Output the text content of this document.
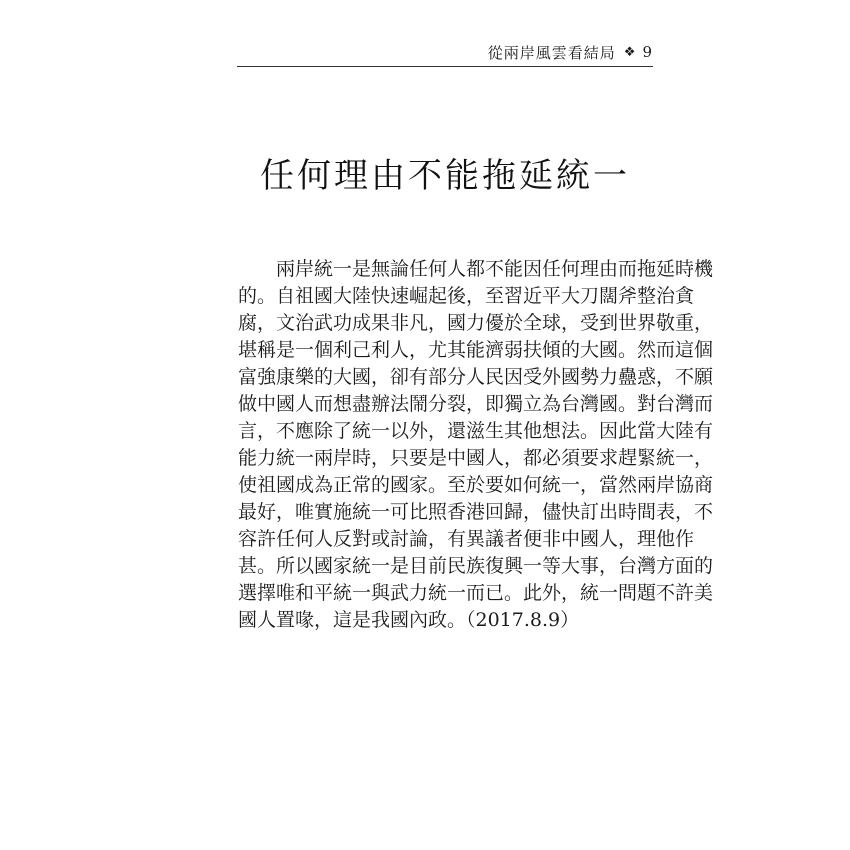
從兩岸風雲看結局 ❖ 9
任何理由不能拖延統一
兩岸統一是無論任何人都不能因任何理由而拖延時機
的。自祖國大陸快速崛起後，至習近平大刀闊斧整治貪
腐，文治武功成果非凡，國力優於全球，受到世界敬重，
堪稱是一個利己利人，尤其能濟弱扶傾的大國。然而這個
富強康樂的大國，卻有部分人民因受外國勢力蠱惑，不願
做中國人而想盡辦法鬧分裂，即獨立為台灣國。對台灣而
言，不應除了統一以外，還滋生其他想法。因此當大陸有
能力統一兩岸時，只要是中國人，都必須要求趕緊統一，
使祖國成為正常的國家。至於要如何統一，當然兩岸協商
最好，唯實施統一可比照香港回歸，儘快訂出時間表，不
容許任何人反對或討論，有異議者便非中國人，理他作
甚。所以國家統一是目前民族復興一等大事，台灣方面的
選擇唯和平統一與武力統一而已。此外，統一問題不許美
國人置喙，這是我國內政。（2017.8.9）
